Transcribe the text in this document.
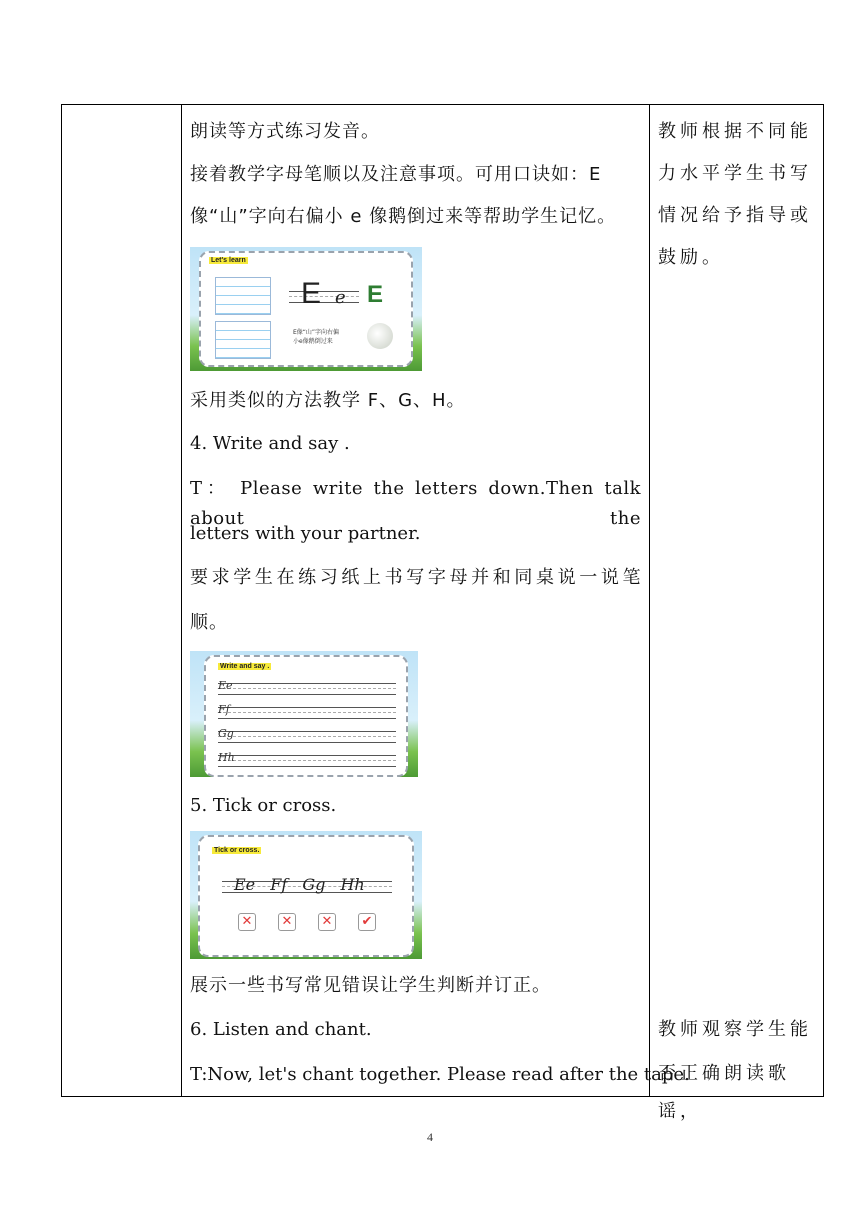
朗读等方式练习发音。

接着教学字母笔顺以及注意事项。可用口诀如：E

像“山”字向右偏小 e 像鹅倒过来等帮助学生记忆。

Let's learn
E e E
E像“山”字向右偏
小e像鹅倒过来

采用类似的方法教学 F、G、H。

4. Write and say .

T： Please write the letters down.Then talk about the

letters with your partner.

要求学生在练习纸上书写字母并和同桌说一说笔

顺。

Write and say .
Ee
Ff
Gg
Hh

5. Tick or cross.

Tick or cross.
Ee Ff Gg Hh
✕ ✕ ✕ ✔

展示一些书写常见错误让学生判断并订正。

6. Listen and chant.

T:Now, let's chant together. Please read after the tape.

教师根据不同能
力水平学生书写
情况给予指导或
鼓励。
教师观察学生能
否正确朗读歌谣，
4
